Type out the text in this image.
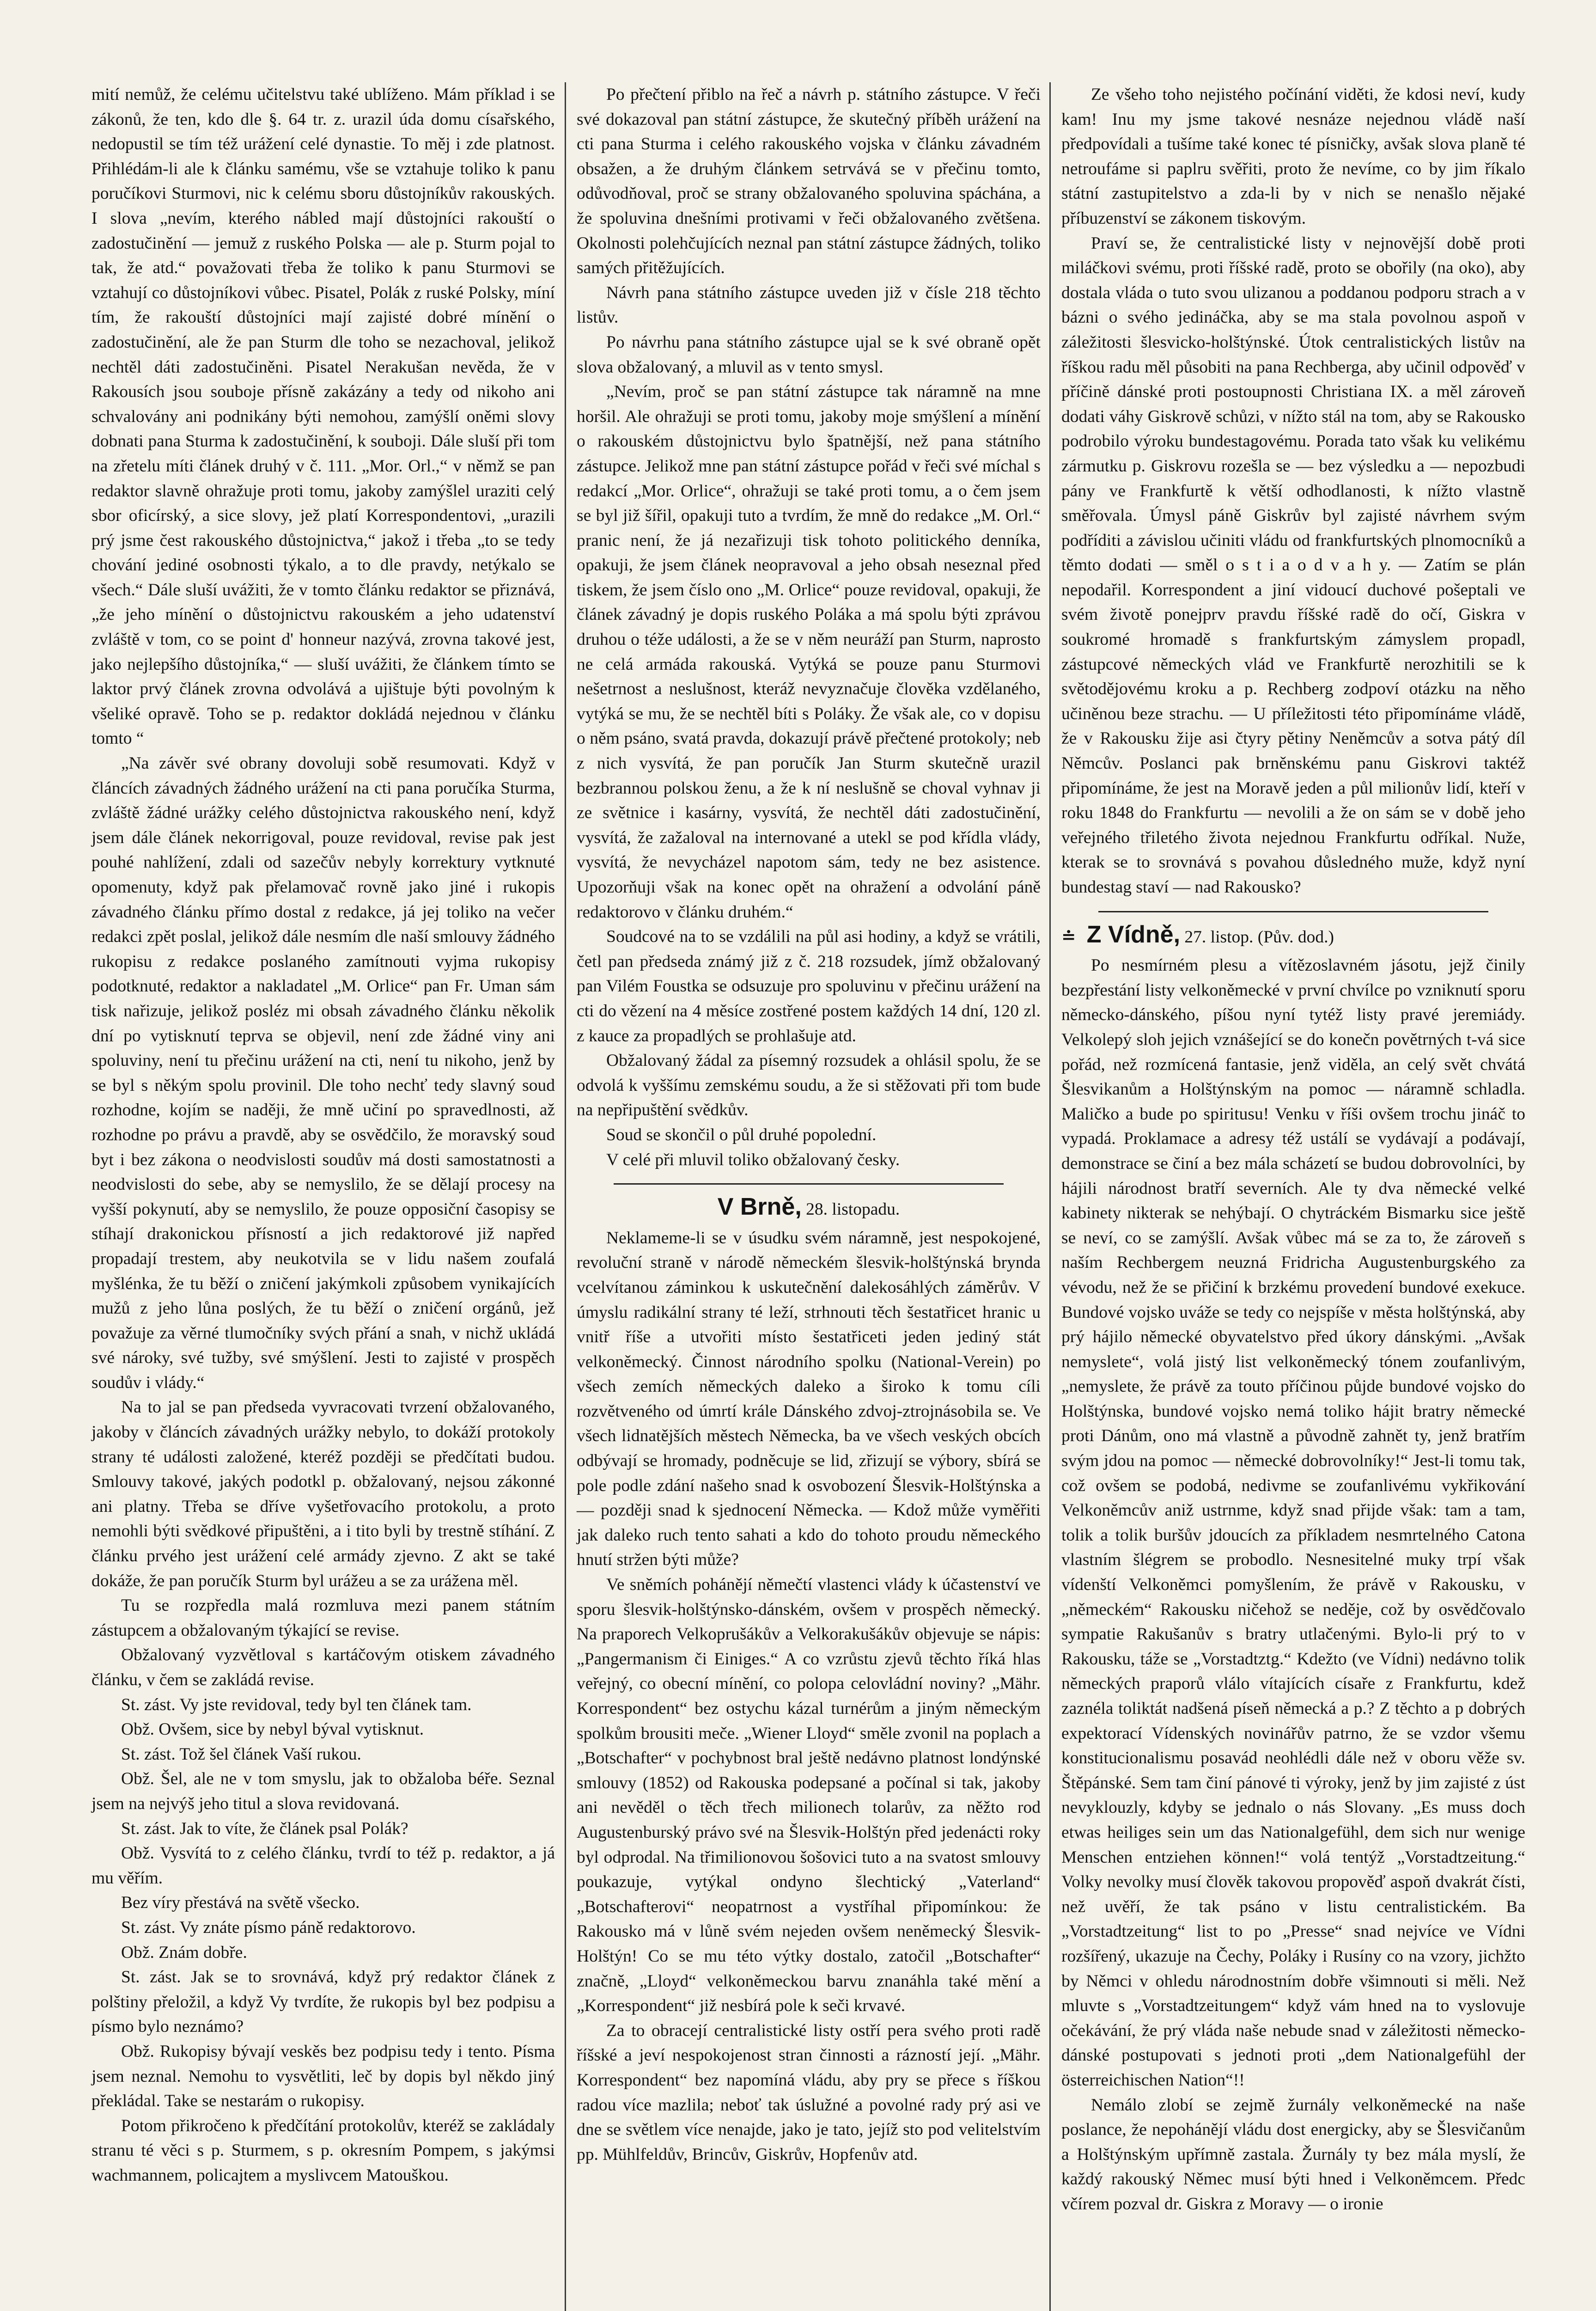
mití nemůž, že celému učitelstvu také ublíženo. Mám příklad i se zákonů, že ten, kdo dle §. 64 tr. z. urazil úda domu císařského, nedopustil se tím též urážení celé dynastie. To měj i zde platnost. Přihlédám-li ale k článku samému, vše se vztahuje toliko k panu poručíkovi Sturmovi, nic k celému sboru důstojníkův rakouských. I slova „nevím, kterého nábled mají důstojníci rakouští o zadostučinění — jemuž z ruského Polska — ale p. Sturm pojal to tak, že atd.“ považovati třeba že toliko k panu Sturmovi se vztahují co důstojníkovi vůbec. Pisatel, Polák z ruské Polsky, míní tím, že rakouští důstojníci mají zajisté dobré mínění o zadostučinění, ale že pan Sturm dle toho se nezachoval, jelikož nechtěl dáti zadostučiněni. Pisatel Nerakušan nevěda, že v Rakousích jsou souboje přísně zakázány a tedy od nikoho ani schvalovány ani podnikány býti nemohou, zamýšlí oněmi slovy dobnati pana Sturma k zadostučinění, k souboji. Dále sluší při tom na zřetelu míti článek druhý v č. 111. „Mor. Orl.,“ v němž se pan redaktor slavně ohražuje proti tomu, jakoby zamýšlel uraziti celý sbor oficírský, a sice slovy, jež platí Korrespondentovi, „urazili prý jsme čest rakouského důstojnictva,“ jakož i třeba „to se tedy chování jediné osobnosti týkalo, a to dle pravdy, netýkalo se všech.“ Dále sluší uvážiti, že v tomto článku redaktor se přiznává, „že jeho mínění o důstojnictvu rakouském a jeho udatenství zvláště v tom, co se point d' honneur nazývá, zrovna takové jest, jako nejlepšího důstojníka,“ — sluší uvážiti, že článkem tímto se laktor prvý článek zrovna odvolává a ujištuje býti povolným k všeliké opravě. Toho se p. redaktor dokládá nejednou v článku tomto “

„Na závěr své obrany dovoluji sobě resumovati. Když v článcích závadných žádného urážení na cti pana poručíka Sturma, zvláště žádné urážky celého důstojnictva rakouského není, když jsem dále článek nekorrigoval, pouze revidoval, revise pak jest pouhé nahlížení, zdali od sazečův nebyly korrektury vytknuté opomenuty, když pak přelamovač rovně jako jiné i rukopis závadného článku přímo dostal z redakce, já jej toliko na večer redakci zpět poslal, jelikož dále nesmím dle naší smlouvy žádného rukopisu z redakce poslaného zamítnouti vyjma rukopisy podotknuté, redaktor a nakladatel „M. Orlice“ pan Fr. Uman sám tisk nařizuje, jelikož posléz mi obsah závadného článku několik dní po vytisknutí teprva se objevil, není zde žádné viny ani spoluviny, není tu přečinu urážení na cti, není tu nikoho, jenž by se byl s někým spolu provinil. Dle toho nechť tedy slavný soud rozhodne, kojím se naději, že mně učiní po spravedlnosti, až rozhodne po právu a pravdě, aby se osvědčilo, že moravský soud byt i bez zákona o neodvislosti soudův má dosti samostatnosti a neodvislosti do sebe, aby se nemyslilo, že se dělají procesy na vyšší pokynutí, aby se nemyslilo, že pouze opposiční časopisy se stíhají drakonickou přísností a jich redaktorové již napřed propadají trestem, aby neukotvila se v lidu našem zoufalá myšlénka, že tu běží o zničení jakýmkoli způsobem vynikajících mužů z jeho lůna poslých, že tu běží o zničení orgánů, jež považuje za věrné tlumočníky svých přání a snah, v nichž ukládá své nároky, své tužby, své smýšlení. Jesti to zajisté v prospěch soudův i vlády.“

Na to jal se pan předseda vyvracovati tvrzení obžalovaného, jakoby v článcích závadných urážky nebylo, to dokáží protokoly strany té události založené, kteréž později se předčítati budou. Smlouvy takové, jakých podotkl p. obžalovaný, nejsou zákonné ani platny. Třeba se dříve vyšetřovacího protokolu, a proto nemohli býti svědkové připuštěni, a i tito byli by trestně stíhání. Z článku prvého jest urážení celé armády zjevno. Z akt se také dokáže, že pan poručík Sturm byl urážeu a se za urážena měl.

Tu se rozpředla malá rozmluva mezi panem státním zástupcem a obžalovaným týkající se revise.

Obžalovaný vyzvětloval s kartáčovým otiskem závadného článku, v čem se zakládá revise.

St. zást. Vy jste revidoval, tedy byl ten článek tam.

Obž. Ovšem, sice by nebyl býval vytisknut.

St. zást. Tož šel článek Vaší rukou.

Obž. Šel, ale ne v tom smyslu, jak to obžaloba béře. Seznal jsem na nejvýš jeho titul a slova revidovaná.

St. zást. Jak to víte, že článek psal Polák?

Obž. Vysvítá to z celého článku, tvrdí to též p. redaktor, a já mu věřím.

Bez víry přestává na světě všecko.

St. zást. Vy znáte písmo páně redaktorovo.

Obž. Znám dobře.

St. zást. Jak se to srovnává, když prý redaktor článek z polštiny přeložil, a když Vy tvrdíte, že rukopis byl bez podpisu a písmo bylo neznámo?

Obž. Rukopisy bývají veskěs bez podpisu tedy i tento. Písma jsem neznal. Nemohu to vysvětliti, leč by dopis byl někdo jiný překládal. Take se nestarám o rukopisy.

Potom přikročeno k předčítání protokolův, kteréž se zakládaly stranu té věci s p. Sturmem, s p. okresním Pompem, s jakýmsi wachmannem, policajtem a myslivcem Matouškou.

Po přečtení přiblo na řeč a návrh p. státního zástupce. V řeči své dokazoval pan státní zástupce, že skutečný příběh urážení na cti pana Sturma i celého rakouského vojska v článku závadném obsažen, a že druhým článkem setrvává se v přečinu tomto, odůvodňoval, proč se strany obžalovaného spoluvina spáchána, a že spoluvina dnešními protivami v řeči obžalovaného zvětšena. Okolnosti polehčujících neznal pan státní zástupce žádných, toliko samých přitěžujících.

Návrh pana státního zástupce uveden již v čísle 218 těchto listův.

Po návrhu pana státního zástupce ujal se k své obraně opět slova obžalovaný, a mluvil as v tento smysl.

„Nevím, proč se pan státní zástupce tak náramně na mne horšil. Ale ohražuji se proti tomu, jakoby moje smýšlení a mínění o rakouském důstojnictvu bylo špatnější, než pana státního zástupce. Jelikož mne pan státní zástupce pořád v řeči své míchal s redakcí „Mor. Orlice“, ohražuji se také proti tomu, a o čem jsem se byl již šířil, opakuji tuto a tvrdím, že mně do redakce „M. Orl.“ pranic není, že já nezařizuji tisk tohoto politického denníka, opakuji, že jsem článek neopravoval a jeho obsah neseznal před tiskem, že jsem číslo ono „M. Orlice“ pouze revidoval, opakuji, že článek závadný je dopis ruského Poláka a má spolu býti zprávou druhou o téže události, a že se v něm neuráží pan Sturm, naprosto ne celá armáda rakouská. Vytýká se pouze panu Sturmovi nešetrnost a neslušnost, kteráž nevyznačuje člověka vzdělaného, vytýká se mu, že se nechtěl bíti s Poláky. Že však ale, co v dopisu o něm psáno, svatá pravda, dokazují právě přečtené protokoly; neb z nich vysvítá, že pan poručík Jan Sturm skutečně urazil bezbrannou polskou ženu, a že k ní neslušně se choval vyhnav ji ze světnice i kasárny, vysvítá, že nechtěl dáti zadostučinění, vysvítá, že zažaloval na internované a utekl se pod křídla vlády, vysvítá, že nevycházel napotom sám, tedy ne bez asistence. Upozorňuji však na konec opět na ohražení a odvolání páně redaktorovo v článku druhém.“

Soudcové na to se vzdálili na půl asi hodiny, a když se vrátili, četl pan předseda známý již z č. 218 rozsudek, jímž obžalovaný pan Vilém Foustka se odsuzuje pro spoluvinu v přečinu urážení na cti do vězení na 4 měsíce zostřené postem každých 14 dní, 120 zl. z kauce za propadlých se prohlašuje atd.

Obžalovaný žádal za písemný rozsudek a ohlásil spolu, že se odvolá k vyššímu zemskému soudu, a že si stěžovati při tom bude na nepřipuštění svědkův.

Soud se skončil o půl druhé popolední.

V celé při mluvil toliko obžalovaný česky.

V Brně, 28. listopadu.

Neklameme-li se v úsudku svém náramně, jest nespokojené, revoluční straně v národě německém šlesvik-holštýnská brynda vcelvítanou záminkou k uskutečnění dalekosáhlých záměrův. V úmyslu radikální strany té leží, strhnouti těch šestatřicet hranic u vnitř říše a utvořiti místo šestatřiceti jeden jediný stát velkoněmecký. Činnost národního spolku (National-Verein) po všech zemích německých daleko a široko k tomu cíli rozvětveného od úmrtí krále Dánského zdvoj-ztrojnásobila se. Ve všech lidnatějších městech Německa, ba ve všech veských obcích odbývají se hromady, podněcuje se lid, zřizují se výbory, sbírá se pole podle zdání našeho snad k osvobození Šlesvik-Holštýnska a — později snad k sjednocení Německa. — Kdož může vyměřiti jak daleko ruch tento sahati a kdo do tohoto proudu německého hnutí stržen býti může?

Ve sněmích pohánějí němečtí vlastenci vlády k účastenství ve sporu šlesvik-holštýnsko-dánském, ovšem v prospěch německý. Na praporech Velkoprušákův a Velkorakušákův objevuje se nápis: „Pangermanism či Einiges.“ A co vzrůstu zjevů těchto říká hlas veřejný, co obecní mínění, co polopa celovládní noviny? „Mähr. Korrespondent“ bez ostychu kázal turnérům a jiným německým spolkům brousiti meče. „Wiener Lloyd“ směle zvonil na poplach a „Botschafter“ v pochybnost bral ještě nedávno platnost londýnské smlouvy (1852) od Rakouska podepsané a počínal si tak, jakoby ani nevěděl o těch třech milionech tolarův, za něžto rod Augustenburský právo své na Šlesvik-Holštýn před jedenácti roky byl odprodal. Na třimilionovou šošovici tuto a na svatost smlouvy poukazuje, vytýkal ondyno šlechtický „Vaterland“ „Botschafterovi“ neopatrnost a vystříhal připomínkou: že Rakousko má v lůně svém nejeden ovšem neněmecký Šlesvik-Holštýn! Co se mu této výtky dostalo, zatočil „Botschafter“ značně, „Lloyd“ velkoněmeckou barvu znanáhla také mění a „Korrespondent“ již nesbírá pole k seči krvavé.

Za to obracejí centralistické listy ostří pera svého proti radě říšské a jeví nespokojenost stran činnosti a rázností její. „Mähr. Korrespondent“ bez napomíná vládu, aby pry se přece s říškou radou více mazlila; neboť tak úslužné a povolné rady prý asi ve dne se světlem více nenajde, jako je tato, jejíž sto pod velitelstvím pp. Mühlfeldův, Brincův, Giskrův, Hopfenův atd.

Ze všeho toho nejistého počínání viděti, že kdosi neví, kudy kam! Inu my jsme takové nesnáze nejednou vládě naší předpovídali a tušíme také konec té písničky, avšak slova planě té netroufáme si paplru svěřiti, proto že nevíme, co by jim říkalo státní zastupitelstvo a zda-li by v nich se nenašlo nějaké příbuzenství se zákonem tiskovým.

Praví se, že centralistické listy v nejnovější době proti miláčkovi svému, proti říšské radě, proto se obořily (na oko), aby dostala vláda o tuto svou ulizanou a poddanou podporu strach a v bázni o svého jedináčka, aby se ma stala povolnou aspoň v záležitosti šlesvicko-holštýnské. Útok centralistických listův na říškou radu měl působiti na pana Rechberga, aby učinil odpověď v příčině dánské proti postoupnosti Christiana IX. a měl zároveň dodati váhy Giskrově schůzi, v nížto stál na tom, aby se Rakousko podrobilo výroku bundestagovému. Porada tato však ku velikému zármutku p. Giskrovu rozešla se — bez výsledku a — nepozbudi pány ve Frankfurtě k větší odhodlanosti, k nížto vlastně směřovala. Úmysl páně Giskrův byl zajisté návrhem svým podříditi a závislou učiniti vládu od frankfurtských plnomocníků a těmto dodati — směl o s t i a o d v a h y. — Zatím se plán nepodařil. Korrespondent a jiní vidoucí duchové pošeptali ve svém životě ponejprv pravdu říšské radě do očí, Giskra v soukromé hromadě s frankfurtským zámyslem propadl, zástupcové německých vlád ve Frankfurtě nerozhitili se k světodějovému kroku a p. Rechberg zodpoví otázku na něho učiněnou beze strachu. — U příležitosti této připomínáme vládě, že v Rakousku žije asi čtyry pětiny Neněmcův a sotva pátý díl Němcův. Poslanci pak brněnskému panu Giskrovi taktéž připomínáme, že jest na Moravě jeden a půl milionův lidí, kteří v roku 1848 do Frankfurtu — nevolili a že on sám se v době jeho veřejného třiletého života nejednou Frankfurtu odříkal. Nuže, kterak se to srovnává s povahou důsledného muže, když nyní bundestag staví — nad Rakousko?

≐ Z Vídně, 27. listop. (Pův. dod.)

Po nesmírném plesu a vítězoslavném jásotu, jejž činily bezpřestání listy velkoněmecké v první chvílce po vzniknutí sporu německo-dánského, píšou nyní tytéž listy pravé jeremiády. Velkolepý sloh jejich vznášející se do konečn povětrných t-vá sice pořád, než rozmícená fantasie, jenž viděla, an celý svět chvátá Šlesvikanům a Holštýnským na pomoc — náramně schladla. Maličko a bude po spiritusu! Venku v říši ovšem trochu jináč to vypadá. Proklamace a adresy též ustálí se vydávají a podávají, demonstrace se činí a bez mála scházetí se budou dobrovolníci, by hájili národnost bratří severních. Ale ty dva německé velké kabinety nikterak se nehýbají. O chytráckém Bismarku sice ještě se neví, co se zamýšlí. Avšak vůbec má se za to, že zároveň s naším Rechbergem neuzná Fridricha Augustenburgského za vévodu, než že se přičiní k brzkému provedení bundové exekuce. Bundové vojsko uváže se tedy co nejspíše v města holštýnská, aby prý hájilo německé obyvatelstvo před úkory dánskými. „Avšak nemyslete“, volá jistý list velkoněmecký tónem zoufanlivým, „nemyslete, že právě za touto příčinou půjde bundové vojsko do Holštýnska, bundové vojsko nemá toliko hájit bratry německé proti Dánům, ono má vlastně a původně zahnět ty, jenž bratřím svým jdou na pomoc — německé dobrovolníky!“ Jest-li tomu tak, což ovšem se podobá, nedivme se zoufanlivému vykřikování Velkoněmcův aniž ustrnme, když snad přijde však: tam a tam, tolik a tolik buršův jdoucích za příkladem nesmrtelného Catona vlastním šlégrem se probodlo. Nesnesitelné muky trpí však vídenští Velkoněmci pomyšlením, že právě v Rakousku, v „německém“ Rakousku ničehož se neděje, což by osvědčovalo sympatie Rakušanův s bratry utlačenými. Bylo-li prý to v Rakousku, táže se „Vorstadtztg.“ Kdežto (ve Vídni) nedávno tolik německých praporů vlálo vítajících císaře z Frankfurtu, kdež zaznéla toliktát nadšená píseň německá a p.? Z těchto a p dobrých expektorací Vídenských novinářův patrno, že se vzdor všemu konstitucionalismu posavád neohlédli dále než v oboru věže sv. Štěpánské. Sem tam činí pánové ti výroky, jenž by jim zajisté z úst nevyklouzly, kdyby se jednalo o nás Slovany. „Es muss doch etwas heiliges sein um das Nationalgefühl, dem sich nur wenige Menschen entziehen können!“ volá tentýž „Vorstadtzeitung.“ Volky nevolky musí člověk takovou propověď aspoň dvakrát čísti, než uvěří, že tak psáno v listu centralistickém. Ba „Vorstadtzeitung“ list to po „Presse“ snad nejvíce ve Vídni rozšířený, ukazuje na Čechy, Poláky i Rusíny co na vzory, jichžto by Němci v ohledu národnostním dobře všimnouti si měli. Než mluvte s „Vorstadtzeitungem“ když vám hned na to vyslovuje očekávání, že prý vláda naše nebude snad v záležitosti německo-dánské postupovati s jednoti proti „dem Nationalgefühl der österreichischen Nation“!!

Nemálo zlobí se zejmě žurnály velkoněmecké na naše poslance, že nepohánějí vládu dost energicky, aby se Šlesvičanům a Holštýnským upřímně zastala. Žurnály ty bez mála myslí, že každý rakouský Němec musí býti hned i Velkoněmcem. Předc včírem pozval dr. Giskra z Moravy — o ironie
